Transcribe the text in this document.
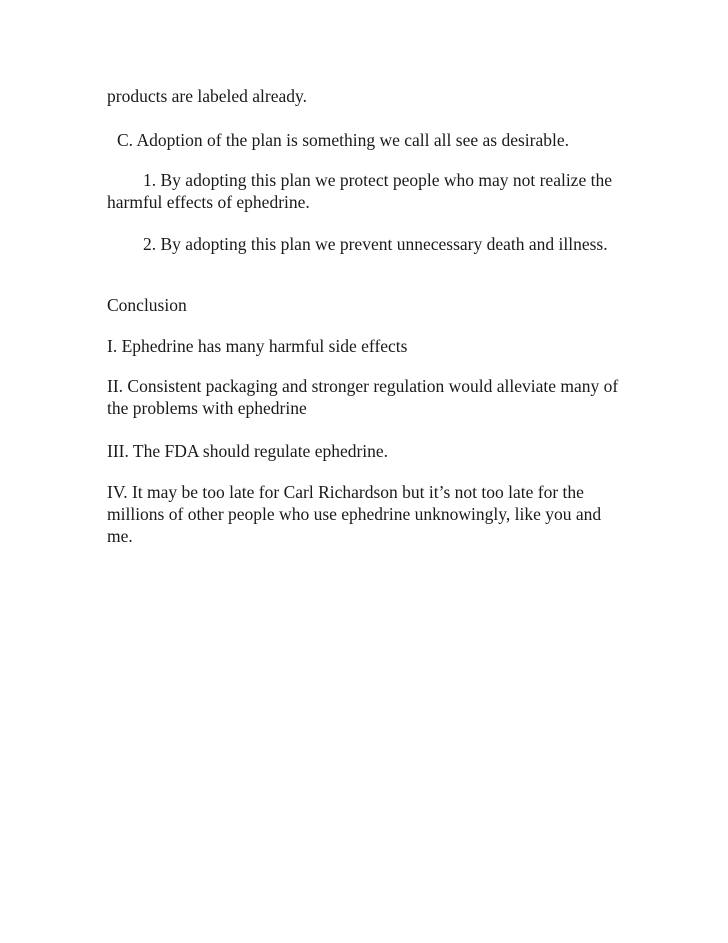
products are labeled already.

C. Adoption of the plan is something we call all see as desirable.

1. By adopting this plan we protect people who may not realize the harmful effects of ephedrine.

2. By adopting this plan we prevent unnecessary death and illness.

Conclusion

I. Ephedrine has many harmful side effects

II. Consistent packaging and stronger regulation would alleviate many of the problems with ephedrine

III. The FDA should regulate ephedrine.

IV. It may be too late for Carl Richardson but it’s not too late for the millions of other people who use ephedrine unknowingly, like you and me.
